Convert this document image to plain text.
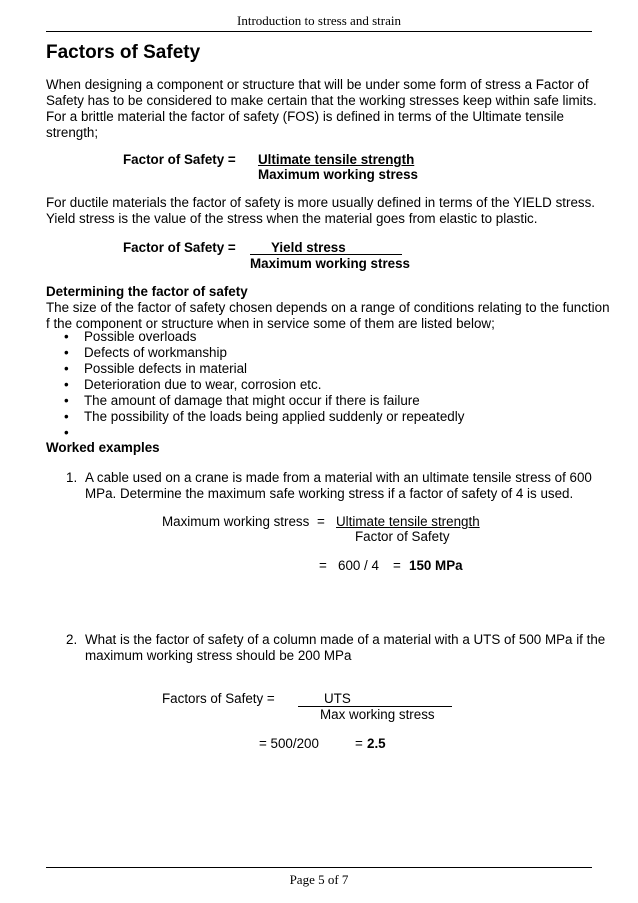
Introduction to stress and strain
Factors of Safety
When designing a component or structure that will be under some form of stress a Factor of
Safety has to be considered to make certain that the working stresses keep within safe limits.
For a brittle material the factor of safety (FOS) is defined in terms of the Ultimate tensile
strength;
Factor of Safety = Ultimate tensile strength
Maximum working stress
For ductile materials the factor of safety is more usually defined in terms of the YIELD stress.
Yield stress is the value of the stress when the material goes from elastic to plastic.
Factor of Safety =	Yield stress
Maximum working stress
Determining the factor of safety
The size of the factor of safety chosen depends on a range of conditions relating to the function
f the component or structure when in service some of them are listed below;
• Possible overloads
• Defects of workmanship
• Possible defects in material
• Deterioration due to wear, corrosion etc.
• The amount of damage that might occur if there is failure
• The possibility of the loads being applied suddenly or repeatedly
•
Worked examples
1. A cable used on a crane is made from a material with an ultimate tensile stress of 600
MPa. Determine the maximum safe working stress if a factor of safety of 4 is used.
Maximum working stress = Ultimate tensile strength
Factor of Safety
= 600 / 4 = 150 MPa
2. What is the factor of safety of a column made of a material with a UTS of 500 MPa if the
maximum working stress should be 200 MPa
Factors of Safety =	UTS
Max working stress
= 500/200	= 2.5
Page 5 of 7
